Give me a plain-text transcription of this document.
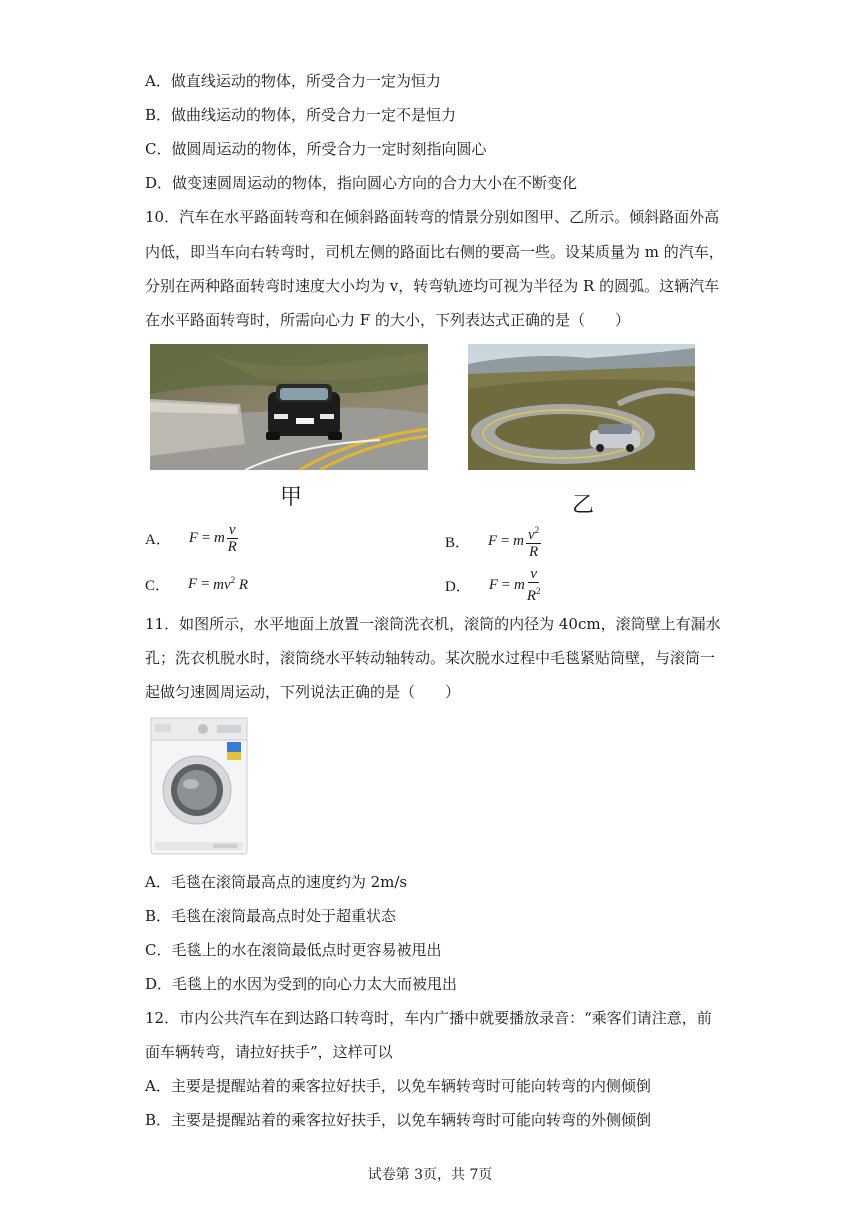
A．做直线运动的物体，所受合力一定为恒力
B．做曲线运动的物体，所受合力一定不是恒力
C．做圆周运动的物体，所受合力一定时刻指向圆心
D．做变速圆周运动的物体，指向圆心方向的合力大小在不断变化
10．汽车在水平路面转弯和在倾斜路面转弯的情景分别如图甲、乙所示。倾斜路面外高
内低，即当车向右转弯时，司机左侧的路面比右侧的要高一些。设某质量为 m 的汽车，
分别在两种路面转弯时速度大小均为 v，转弯轨迹均可视为半径为 R 的圆弧。这辆汽车
在水平路面转弯时，所需向心力 F 的大小，下列表达式正确的是（　　）
甲	乙
A． F = m $\frac{v}{R}$	B． F = m $\frac{v^2}{R}$
C． $F = mv^2$ R	D． F = m $\frac{v}{R^2}$
11．如图所示，水平地面上放置一滚筒洗衣机，滚筒的内径为 40cm，滚筒壁上有漏水
孔；洗衣机脱水时，滚筒绕水平转动轴转动。某次脱水过程中毛毯紧贴筒壁，与滚筒一
起做匀速圆周运动，下列说法正确的是（　　）
A．毛毯在滚筒最高点的速度约为 2m/s
B．毛毯在滚筒最高点时处于超重状态
C．毛毯上的水在滚筒最低点时更容易被甩出
D．毛毯上的水因为受到的向心力太大而被甩出
12．市内公共汽车在到达路口转弯时，车内广播中就要播放录音：“乘客们请注意，前
面车辆转弯，请拉好扶手”，这样可以
A．主要是提醒站着的乘客拉好扶手，以免车辆转弯时可能向转弯的内侧倾倒
B．主要是提醒站着的乘客拉好扶手，以免车辆转弯时可能向转弯的外侧倾倒
试卷第 3页，共 7页
